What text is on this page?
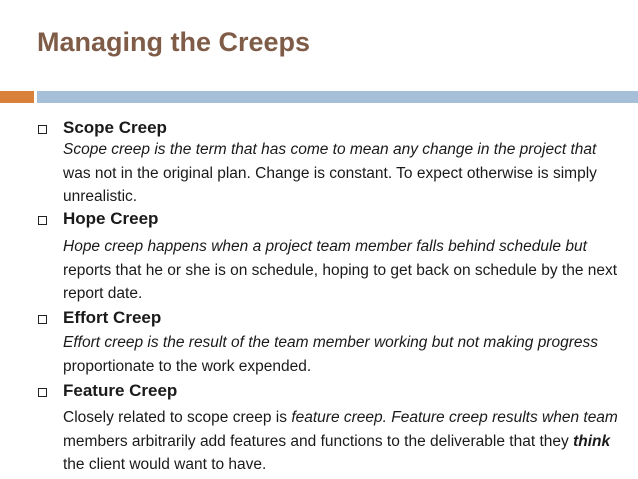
Managing the Creeps
Scope Creep
Scope creep is the term that has come to mean any change in the project that was not in the original plan. Change is constant. To expect otherwise is simply unrealistic.
Hope Creep
Hope creep happens when a project team member falls behind schedule but reports that he or she is on schedule, hoping to get back on schedule by the next report date.
Effort Creep
Effort creep is the result of the team member working but not making progress proportionate to the work expended.
Feature Creep
Closely related to scope creep is feature creep. Feature creep results when team members arbitrarily add features and functions to the deliverable that they think the client would want to have.
